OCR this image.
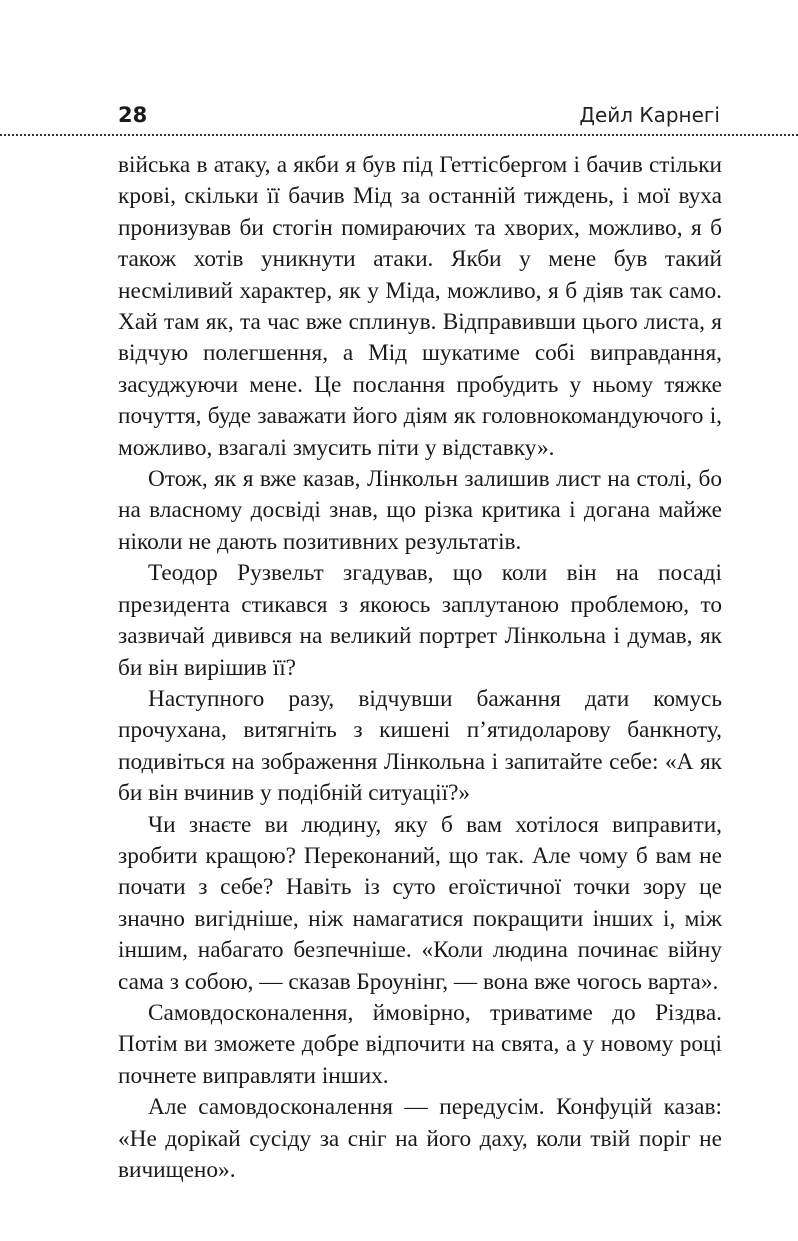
28	Дейл Карнегі

війська в атаку, а якби я був під Геттісбергом і бачив стільки крові, скільки її бачив Мід за останній тиждень, і мої вуха пронизував би стогін помираючих та хворих, можливо, я б також хотів уникнути атаки. Якби у мене був такий несміливий характер, як у Міда, можливо, я б діяв так само. Хай там як, та час вже сплинув. Відправивши цього листа, я відчую полегшення, а Мід шукатиме собі виправдання, засуджуючи мене. Це послання пробудить у ньому тяжке почуття, буде заважати його діям як головнокомандуючого і, можливо, взагалі змусить піти у відставку».

Отож, як я вже казав, Лінкольн залишив лист на столі, бо на власному досвіді знав, що різка критика і догана майже ніколи не дають позитивних результатів.

Теодор Рузвельт згадував, що коли він на посаді президента стикався з якоюсь заплутаною проблемою, то зазвичай дивився на великий портрет Лінкольна і думав, як би він вирішив її?

Наступного разу, відчувши бажання дати комусь прочухана, витягніть з кишені п’ятидоларову банкноту, подивіться на зображення Лінкольна і запитайте себе: «А як би він вчинив у подібній ситуації?»

Чи знаєте ви людину, яку б вам хотілося виправити, зробити кращою? Переконаний, що так. Але чому б вам не почати з себе? Навіть із суто егоїстичної точки зору це значно вигідніше, ніж намагатися покращити інших і, між іншим, набагато безпечніше. «Коли людина починає війну сама з собою, — сказав Броунінг, — вона вже чогось варта».

Самовдосконалення, ймовірно, триватиме до Різдва. Потім ви зможете добре відпочити на свята, а у новому році почнете виправляти інших.

Але самовдосконалення — передусім. Конфуцій казав: «Не дорікай сусіду за сніг на його даху, коли твій поріг не вичищено».
